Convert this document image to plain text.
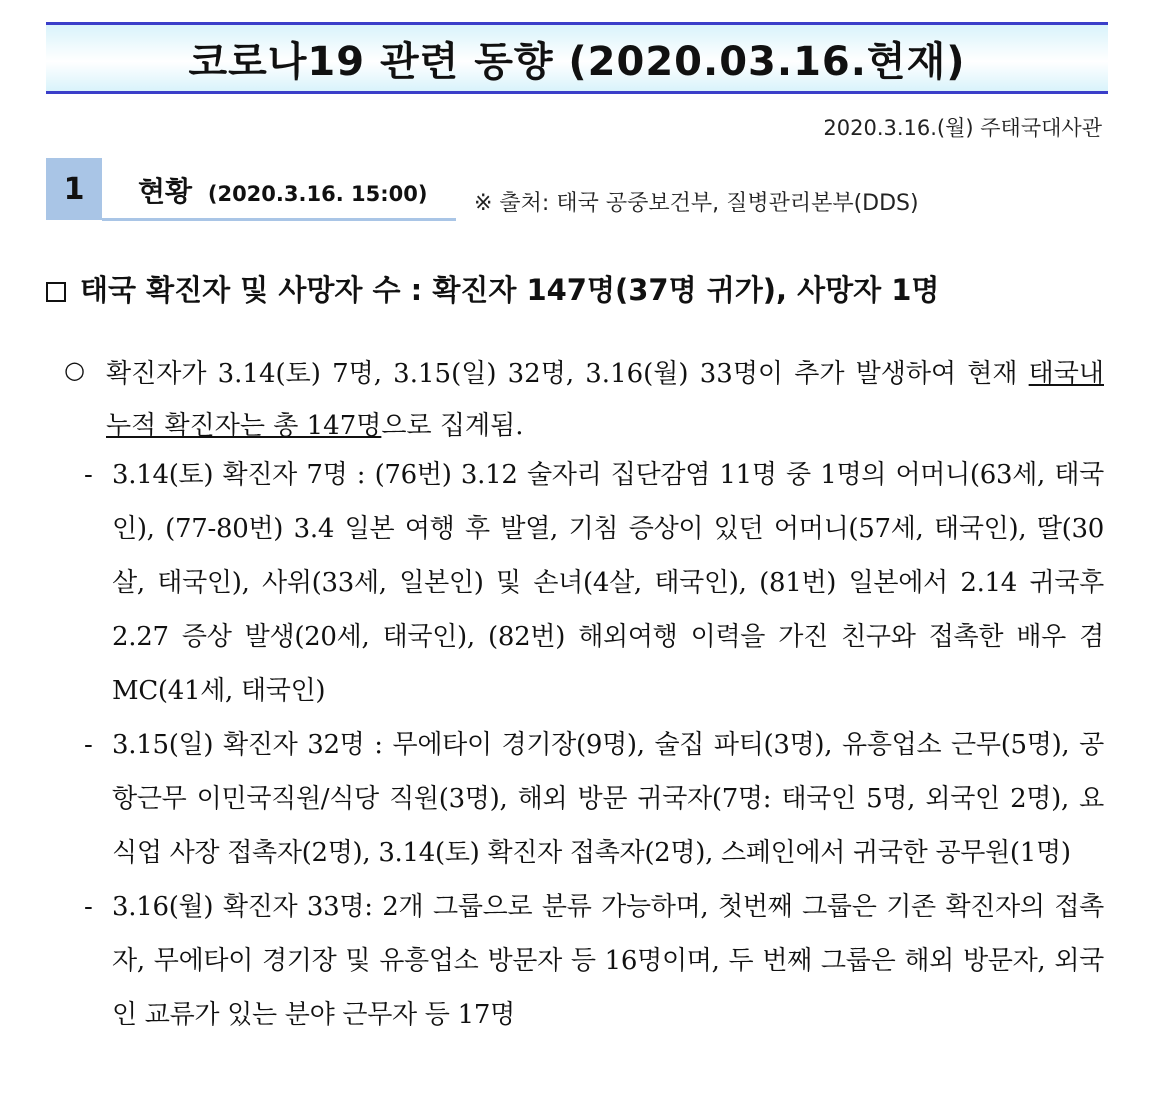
코로나19 관련 동향 (2020.03.16.현재)
2020.3.16.(월) 주태국대사관
1	현황 (2020.3.16. 15:00) ※ 출처: 태국 공중보건부, 질병관리본부(DDS)
태국 확진자 및 사망자 수 : 확진자 147명(37명 귀가), 사망자 1명
○ 확진자가 3.14(토) 7명, 3.15(일) 32명, 3.16(월) 33명이 추가 발생하여 현재 태국내 누적 확진자는 총 147명으로 집계됨.
- 3.14(토) 확진자 7명 : (76번) 3.12 술자리 집단감염 11명 중 1명의 어머니(63세, 태국인), (77-80번) 3.4 일본 여행 후 발열, 기침 증상이 있던 어머니(57세, 태국인), 딸(30살, 태국인), 사위(33세, 일본인) 및 손녀(4살, 태국인), (81번) 일본에서 2.14 귀국후 2.27 증상 발생(20세, 태국인), (82번) 해외여행 이력을 가진 친구와 접촉한 배우 겸 MC(41세, 태국인)
- 3.15(일) 확진자 32명 : 무에타이 경기장(9명), 술집 파티(3명), 유흥업소 근무(5명), 공항근무 이민국직원/식당 직원(3명), 해외 방문 귀국자(7명: 태국인 5명, 외국인 2명), 요식업 사장 접촉자(2명), 3.14(토) 확진자 접촉자(2명), 스페인에서 귀국한 공무원(1명)
- 3.16(월) 확진자 33명: 2개 그룹으로 분류 가능하며, 첫번째 그룹은 기존 확진자의 접촉자, 무에타이 경기장 및 유흥업소 방문자 등 16명이며, 두 번째 그룹은 해외 방문자, 외국인 교류가 있는 분야 근무자 등 17명
